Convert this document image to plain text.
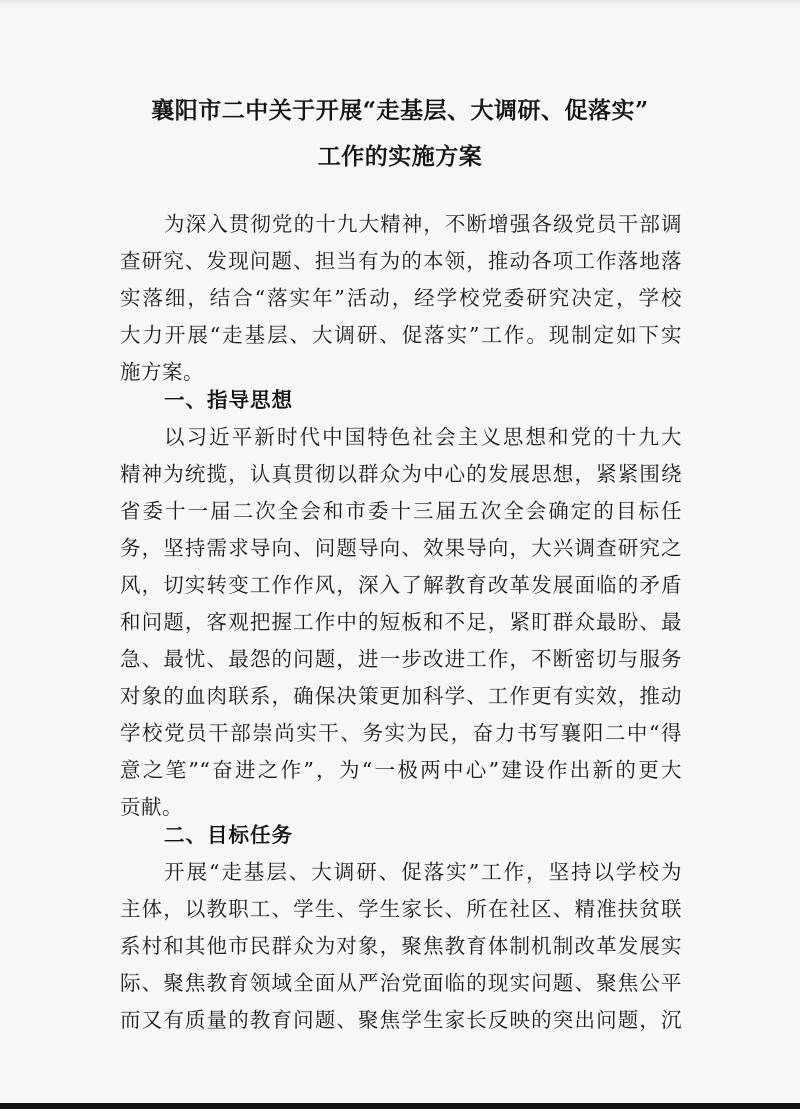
襄阳市二中关于开展“走基层、大调研、促落实”
工作的实施方案
为深入贯彻党的十九大精神，不断增强各级党员干部调
查研究、发现问题、担当有为的本领，推动各项工作落地落
实落细，结合“落实年”活动，经学校党委研究决定，学校
大力开展“走基层、大调研、促落实”工作。现制定如下实
施方案。
一、指导思想
以习近平新时代中国特色社会主义思想和党的十九大
精神为统揽，认真贯彻以群众为中心的发展思想，紧紧围绕
省委十一届二次全会和市委十三届五次全会确定的目标任
务，坚持需求导向、问题导向、效果导向，大兴调查研究之
风，切实转变工作作风，深入了解教育改革发展面临的矛盾
和问题，客观把握工作中的短板和不足，紧盯群众最盼、最
急、最忧、最怨的问题，进一步改进工作，不断密切与服务
对象的血肉联系，确保决策更加科学、工作更有实效，推动
学校党员干部崇尚实干、务实为民，奋力书写襄阳二中“得
意之笔”“奋进之作”，为“一极两中心”建设作出新的更大
贡献。
二、目标任务
开展“走基层、大调研、促落实”工作，坚持以学校为
主体，以教职工、学生、学生家长、所在社区、精准扶贫联
系村和其他市民群众为对象，聚焦教育体制机制改革发展实
际、聚焦教育领域全面从严治党面临的现实问题、聚焦公平
而又有质量的教育问题、聚焦学生家长反映的突出问题，沉
